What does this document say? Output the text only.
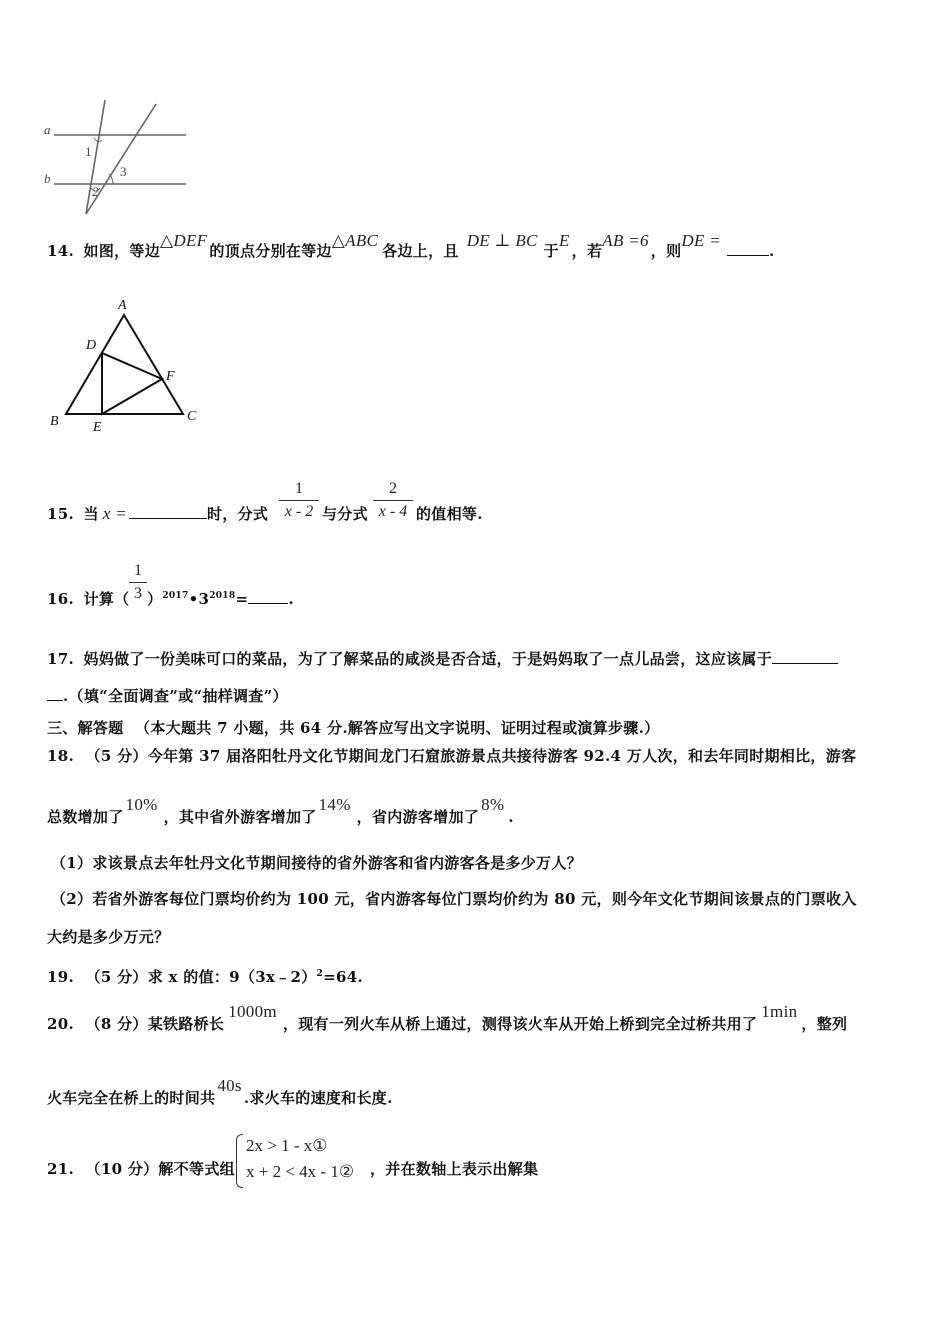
a
b
1
2
3
14. 如图，等边△DEF的顶点分别在等边△ABC各边上，且DE ⊥ BC于E，若AB =6，则DE =.
A
B	C
D
E
F
15. 当 x =	时，分式 $\frac{1}{x - 2}$ 与分式 $\frac{2}{x - 4}$ 的值相等.
16. 计算（ $\frac{1}{3}$ ）$^{2017}•3^{2018}=$	.
17. 妈妈做了一份美味可口的菜品，为了了解菜品的咸淡是否合适，于是妈妈取了一点儿品尝，这应该属于
.（填“全面调查”或“抽样调查”）
三、解答题 （本大题共 7 小题，共 64 分.解答应写出文字说明、证明过程或演算步骤.）
18. （5 分）今年第 37 届洛阳牡丹文化节期间龙门石窟旅游景点共接待游客 92.4 万人次，和去年同时期相比，游客
总数增加了10%，其中省外游客增加了14%，省内游客增加了8%.
（1）求该景点去年牡丹文化节期间接待的省外游客和省内游客各是多少万人？
（2）若省外游客每位门票均价约为 100 元，省内游客每位门票均价约为 80 元，则今年文化节期间该景点的门票收入
大约是多少万元？
19. （5 分）求 x 的值：9（3x﹣2）$^2$=64.
20. （8 分）某铁路桥长1000m，现有一列火车从桥上通过，测得该火车从开始上桥到完全过桥共用了1min，整列
火车完全在桥上的时间共40s.求火车的速度和长度.
21. （10 分）解不等式组
2x > 1 - x①
x + 2 < 4x - 1② ，并在数轴上表示出解集
